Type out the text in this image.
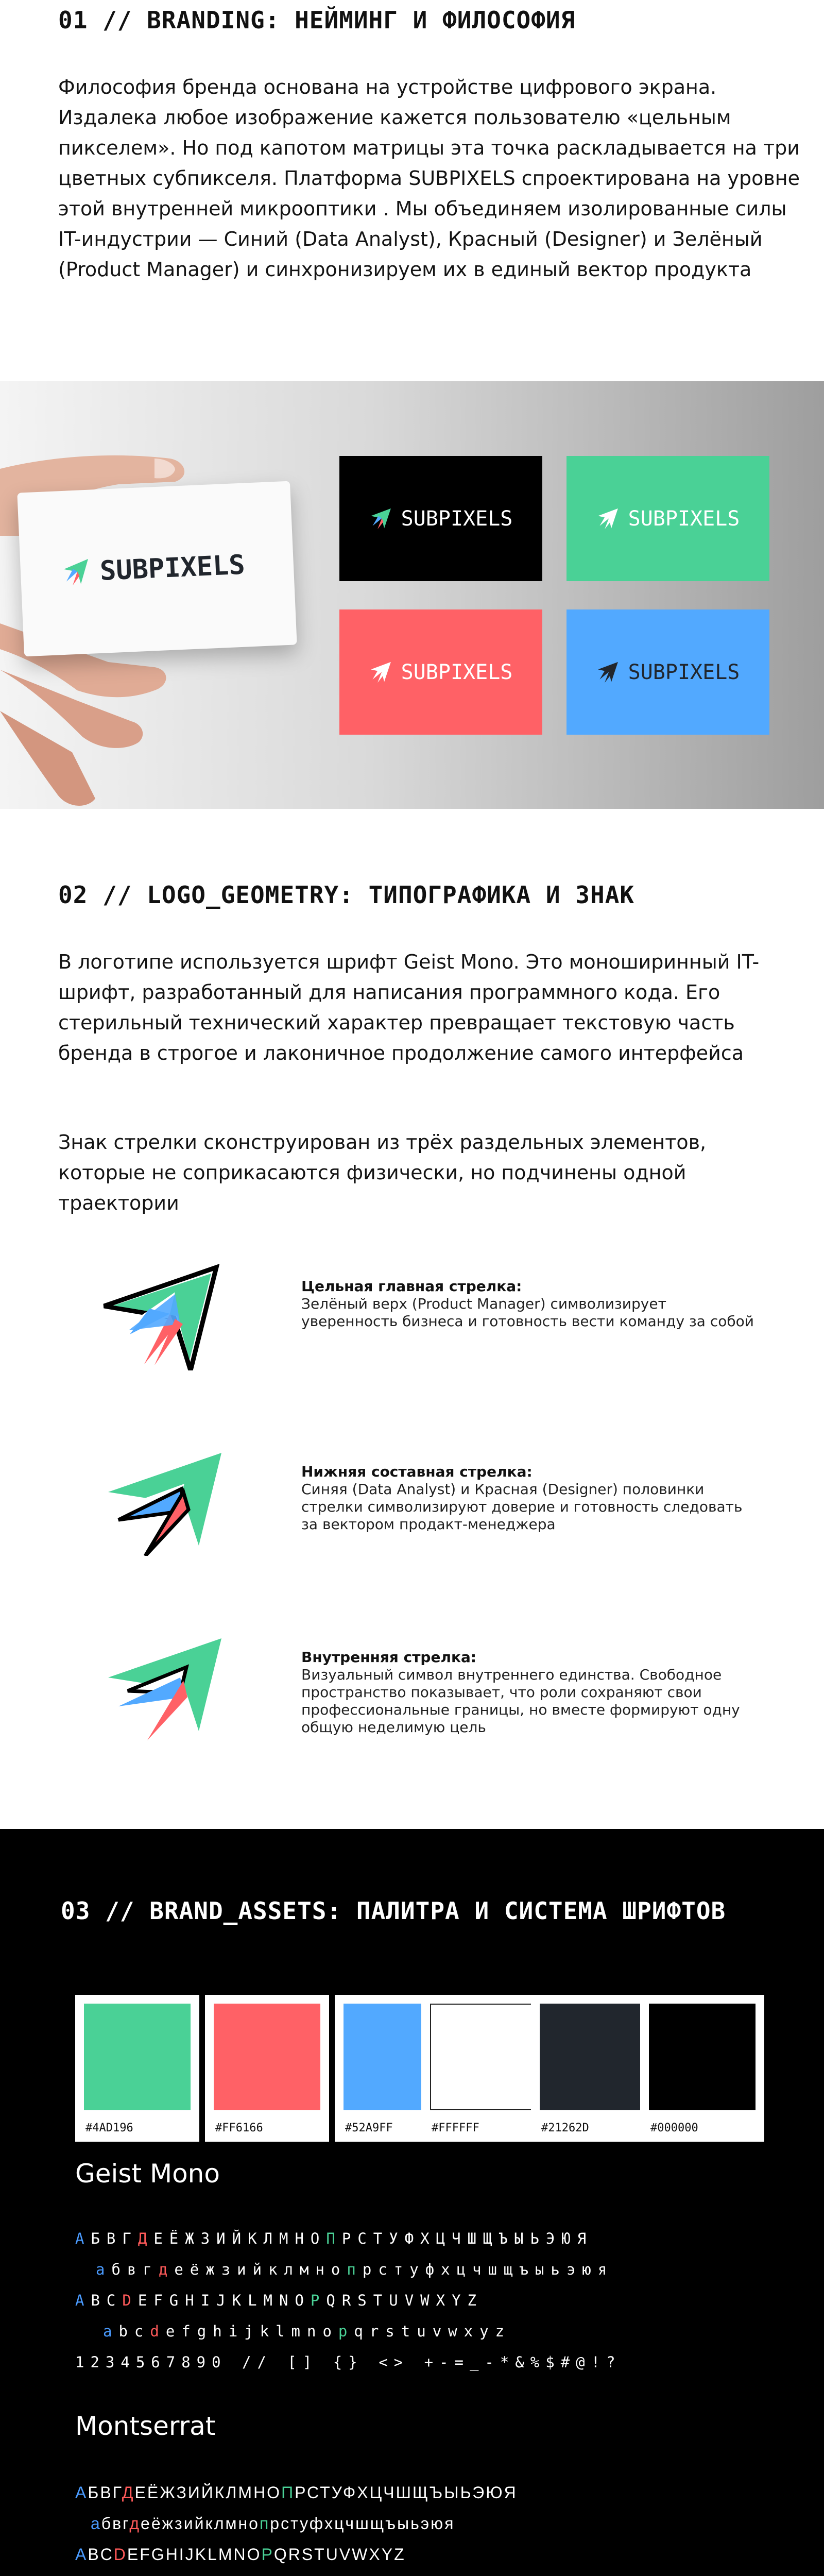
01 // BRANDING: НЕЙМИНГ И ФИЛОСОФИЯ

Философия бренда основана на устройстве цифрового экрана. Издалека любое изображение кажется пользователю «цельным пикселем». Но под капотом матрицы эта точка раскладывается на три цветных субпикселя. Платформа SUBPIXELS спроектирована на уровне этой внутренней микрооптики . Мы объединяем изолированные силы IT-индустрии — Синий (Data Analyst), Красный (Designer) и Зелёный (Product Manager) и синхронизируем их в единый вектор продукта

SUBPIXELS
SUBPIXELS	SUBPIXELS
SUBPIXELS	SUBPIXELS
02 // LOGO_GEOMETRY: ТИПОГРАФИКА И ЗНАК

В логотипе используется шрифт Geist Mono. Это моноширинный IT-шрифт, разработанный для написания программного кода. Его стерильный технический характер превращает текстовую часть бренда в строгое и лаконичное продолжение самого интерфейса

Знак стрелки сконструирован из трёх раздельных элементов, которые не соприкасаются физически, но подчинены одной траектории

Цельная главная стрелка:
Зелёный верх (Product Manager) символизирует уверенность бизнеса и готовность вести команду за собой
Нижняя составная стрелка:
Синяя (Data Analyst) и Красная (Designer) половинки стрелки символизируют доверие и готовность следовать за вектором продакт-менеджера
Внутренняя стрелка:
Визуальный символ внутреннего единства. Свободное пространство показывает, что роли сохраняют свои профессиональные границы, но вместе формируют одну общую неделимую цель
03 // BRAND_ASSETS: ПАЛИТРА И СИСТЕМА ШРИФТОВ
#4AD196	#FF6166	#52A9FF	#FFFFFF	#21262D	#000000
Geist Mono
АБВГДЕЁЖЗИЙКЛМНОПРСТУФХЦЧШЩЪЫЬЭЮЯ
абвгдеёжзийклмнопрстуфхцчшщъыьэюя
ABCDEFGHIJKLMNOPQRSTUVWXYZ
abcdefghijklmnopqrstuvwxyz
1234567890 // [] {} <> +-=_-*&%$#@!?
Montserrat
АБВГДЕЁЖЗИЙКЛМНОПРСТУФХЦЧШЩЪЫЬЭЮЯ
абвгдеёжзийклмнопрстуфхцчшщъыьэюя
ABCDEFGHIJKLMNOPQRSTUVWXYZ
